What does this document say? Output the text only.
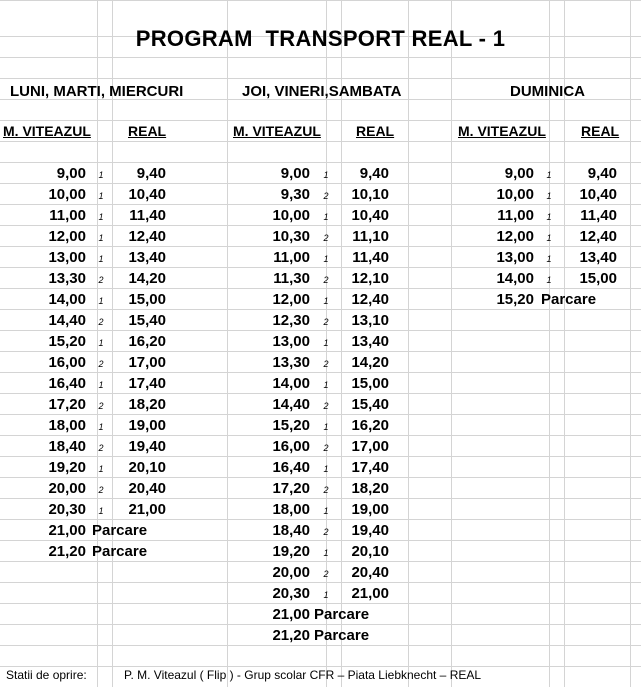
PROGRAM  TRANSPORT REAL - 1
LUNI, MARTI, MIERCURI	JOI, VINERI,SAMBATA	DUMINICA
M. VITEAZUL	REAL	M. VITEAZUL	REAL	M. VITEAZUL	REAL
9,00	1	9,40
10,00	1	10,40
11,00	1	11,40
12,00	1	12,40
13,00	1	13,40
13,30	2	14,20
14,00	1	15,00
14,40	2	15,40
15,20	1	16,20
16,00	2	17,00
16,40	1	17,40
17,20	2	18,20
18,00	1	19,00
18,40	2	19,40
19,20	1	20,10
20,00	2	20,40
20,30	1	21,00
21,00 Parcare
21,20 Parcare
9,00	1	9,40
9,30	2	10,10
10,00	1	10,40
10,30	2	11,10
11,00	1	11,40
11,30	2	12,10
12,00	1	12,40
12,30	2	13,10
13,00	1	13,40
13,30	2	14,20
14,00	1	15,00
14,40	2	15,40
15,20	1	16,20
16,00	2	17,00
16,40	1	17,40
17,20	2	18,20
18,00	1	19,00
18,40	2	19,40
19,20	1	20,10
20,00	2	20,40
20,30	1	21,00
21,00 Parcare
21,20 Parcare
9,00	1	9,40
10,00	1	10,40
11,00	1	11,40
12,00	1	12,40
13,00	1	13,40
14,00	1	15,00
15,20 Parcare
Statii de oprire:	P. M. Viteazul ( Flip ) - Grup scolar CFR – Piata Liebknecht – REAL
